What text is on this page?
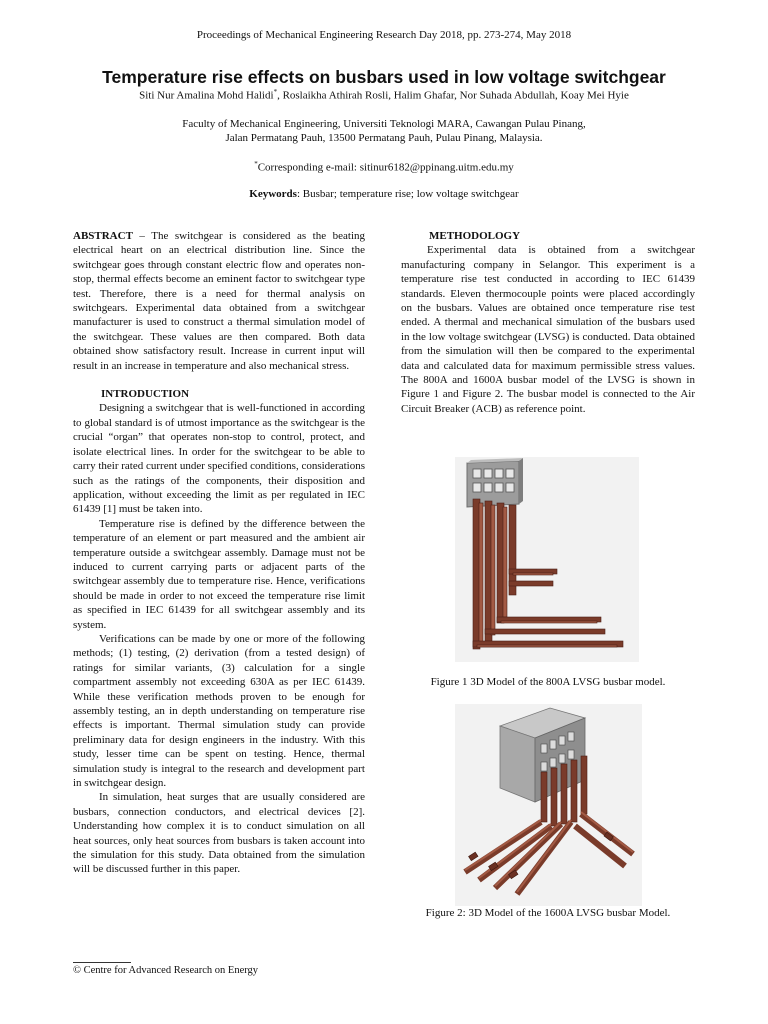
Proceedings of Mechanical Engineering Research Day 2018, pp. 273-274, May 2018
Temperature rise effects on busbars used in low voltage switchgear
Siti Nur Amalina Mohd Halidi*, Roslaikha Athirah Rosli, Halim Ghafar, Nor Suhada Abdullah, Koay Mei Hyie
Faculty of Mechanical Engineering, Universiti Teknologi MARA, Cawangan Pulau Pinang,
Jalan Permatang Pauh, 13500 Permatang Pauh, Pulau Pinang, Malaysia.
*Corresponding e-mail: sitinur6182@ppinang.uitm.edu.my
Keywords: Busbar; temperature rise; low voltage switchgear

ABSTRACT – The switchgear is considered as the beating electrical heart on an electrical distribution line. Since the switchgear goes through constant electric flow and operates non-stop, thermal effects become an eminent factor to switchgear type test. Therefore, there is a need for thermal analysis on switchgears. Experimental data obtained from a switchgear manufacturer is used to construct a thermal simulation model of the switchgear. These values are then compared. Both data obtained show satisfactory result. Increase in current input will result in an increase in temperature and also mechanical stress.

INTRODUCTION

Designing a switchgear that is well-functioned in according to global standard is of utmost importance as the switchgear is the crucial “organ” that operates non-stop to control, protect, and isolate electrical lines. In order for the switchgear to be able to carry their rated current under specified conditions, considerations such as the ratings of the components, their disposition and application, without exceeding the limit as per regulated in IEC 61439 [1] must be taken into.

Temperature rise is defined by the difference between the temperature of an element or part measured and the ambient air temperature outside a switchgear assembly. Damage must not be induced to current carrying parts or adjacent parts of the switchgear assembly due to temperature rise. Hence, verifications should be made in order to not exceed the temperature rise limit as specified in IEC 61439 for all switchgear assembly and its system.

Verifications can be made by one or more of the following methods; (1) testing, (2) derivation (from a tested design) of ratings for similar variants, (3) calculation for a single compartment assembly not exceeding 630A as per IEC 61439. While these verification methods proven to be enough for assembly testing, an in depth understanding on temperature rise effects is important. Thermal simulation study can provide preliminary data for design engineers in the industry. With this study, lesser time can be spent on testing. Hence, thermal simulation study is integral to the research and development part in switchgear design.

In simulation, heat surges that are usually considered are busbars, connection conductors, and electrical devices [2]. Understanding how complex it is to conduct simulation on all heat sources, only heat sources from busbars is taken account into the simulation for this study. Data obtained from the simulation will be discussed further in this paper.

METHODOLOGY

Experimental data is obtained from a switchgear manufacturing company in Selangor. This experiment is a temperature rise test conducted in according to IEC 61439 standards. Eleven thermocouple points were placed accordingly on the busbars. Values are obtained once temperature rise test ended. A thermal and mechanical simulation of the busbars used in the low voltage switchgear (LVSG) is conducted. Data obtained from the simulation will then be compared to the experimental data and calculated data for maximum permissible stress values. The 800A and 1600A busbar model of the LVSG is shown in Figure 1 and Figure 2. The busbar model is connected to the Air Circuit Breaker (ACB) as reference point.

Figure 1 3D Model of the 800A LVSG busbar model.
Figure 2: 3D Model of the 1600A LVSG busbar Model.
© Centre for Advanced Research on Energy
